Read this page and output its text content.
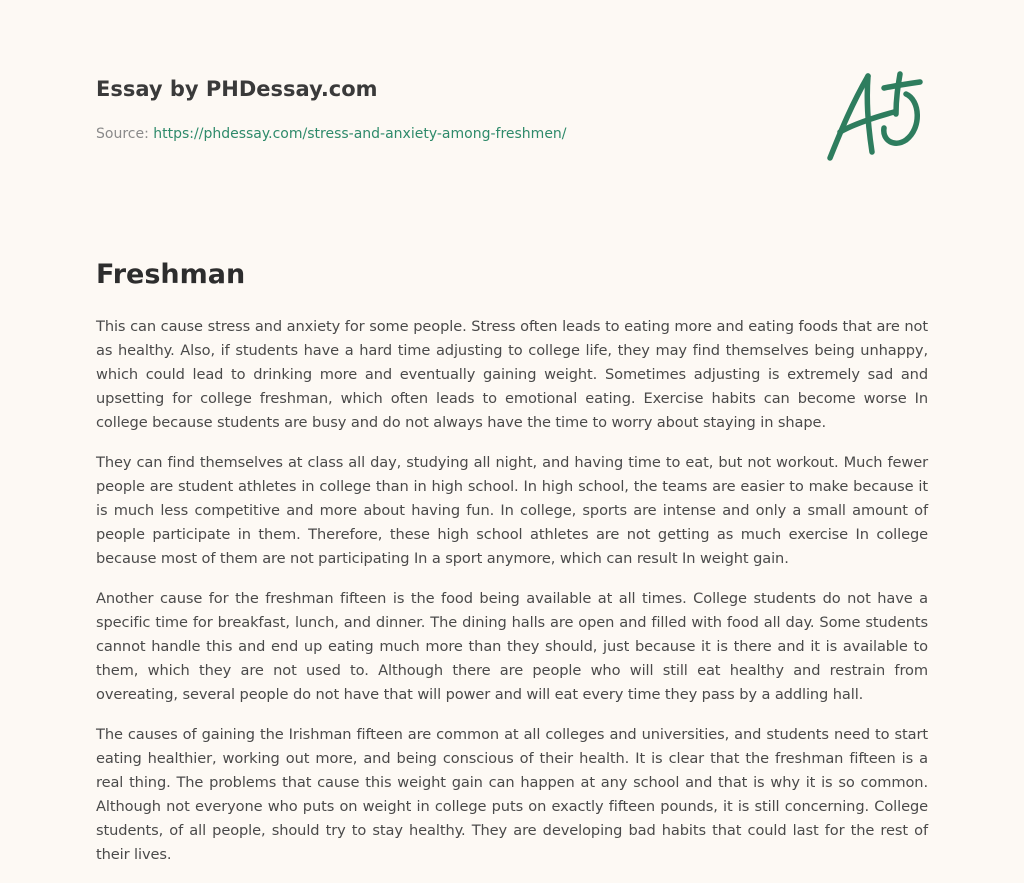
Essay by PHDessay.com
Source: https://phdessay.com/stress-and-anxiety-among-freshmen/
Freshman

This can cause stress and anxiety for some people. Stress often leads to eating more and eating foods that are not as healthy. Also, if students have a hard time adjusting to college life, they may find themselves being unhappy, which could lead to drinking more and eventually gaining weight. Sometimes adjusting is extremely sad and upsetting for college freshman, which often leads to emotional eating. Exercise habits can become worse In college because students are busy and do not always have the time to worry about staying in shape.

They can find themselves at class all day, studying all night, and having time to eat, but not workout. Much fewer people are student athletes in college than in high school. In high school, the teams are easier to make because it is much less competitive and more about having fun. In college, sports are intense and only a small amount of people participate in them. Therefore, these high school athletes are not getting as much exercise In college because most of them are not participating In a sport anymore, which can result In weight gain.

Another cause for the freshman fifteen is the food being available at all times. College students do not have a specific time for breakfast, lunch, and dinner. The dining halls are open and filled with food all day. Some students cannot handle this and end up eating much more than they should, just because it is there and it is available to them, which they are not used to. Although there are people who will still eat healthy and restrain from overeating, several people do not have that will power and will eat every time they pass by a addling hall.

The causes of gaining the Irishman fifteen are common at all colleges and universities, and students need to start eating healthier, working out more, and being conscious of their health. It is clear that the freshman fifteen is a real thing. The problems that cause this weight gain can happen at any school and that is why it is so common. Although not everyone who puts on weight in college puts on exactly fifteen pounds, it is still concerning. College students, of all people, should try to stay healthy. They are developing bad habits that could last for the rest of their lives.
